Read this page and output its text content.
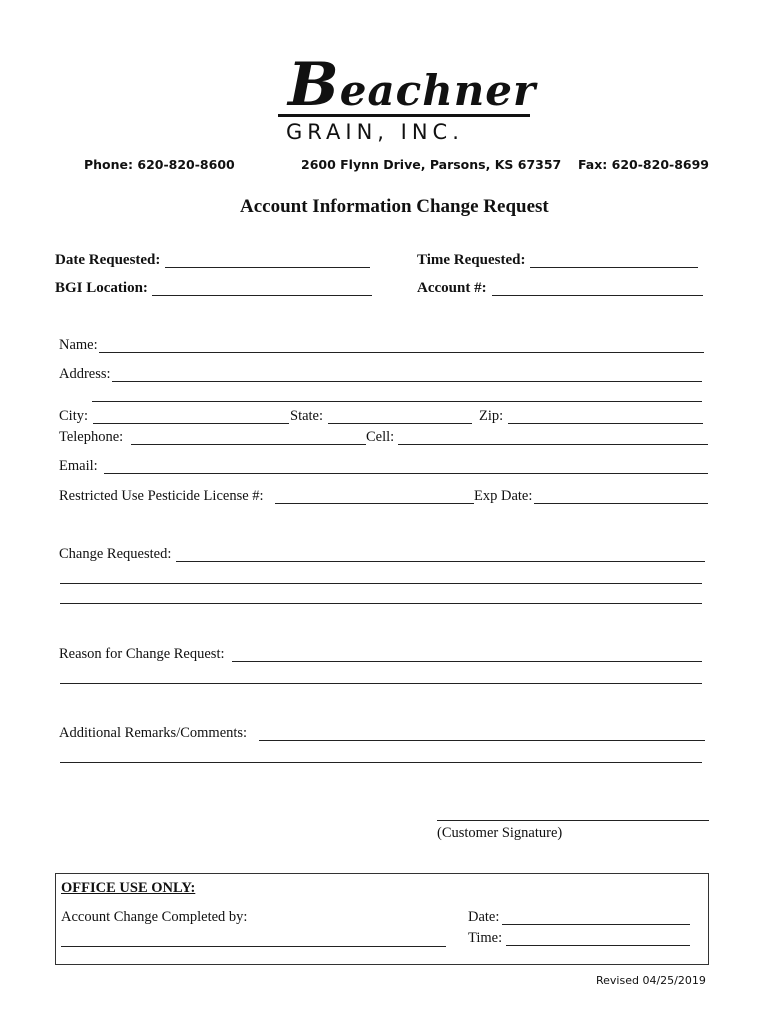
Beachner
GRAIN, INC.
Phone: 620-820-8600	2600 Flynn Drive, Parsons, KS 67357 Fax: 620-820-8699
Account Information Change Request
Date Requested:	Time Requested:
BGI Location:	Account #:
Name:
Address:
City:	State:	Zip:
Telephone:	Cell:
Email:
Restricted Use Pesticide License #:	Exp Date:
Change Requested:
Reason for Change Request:
Additional Remarks/Comments:
(Customer Signature)
OFFICE USE ONLY:
Account Change Completed by:	Date:
Time:
Revised 04/25/2019
